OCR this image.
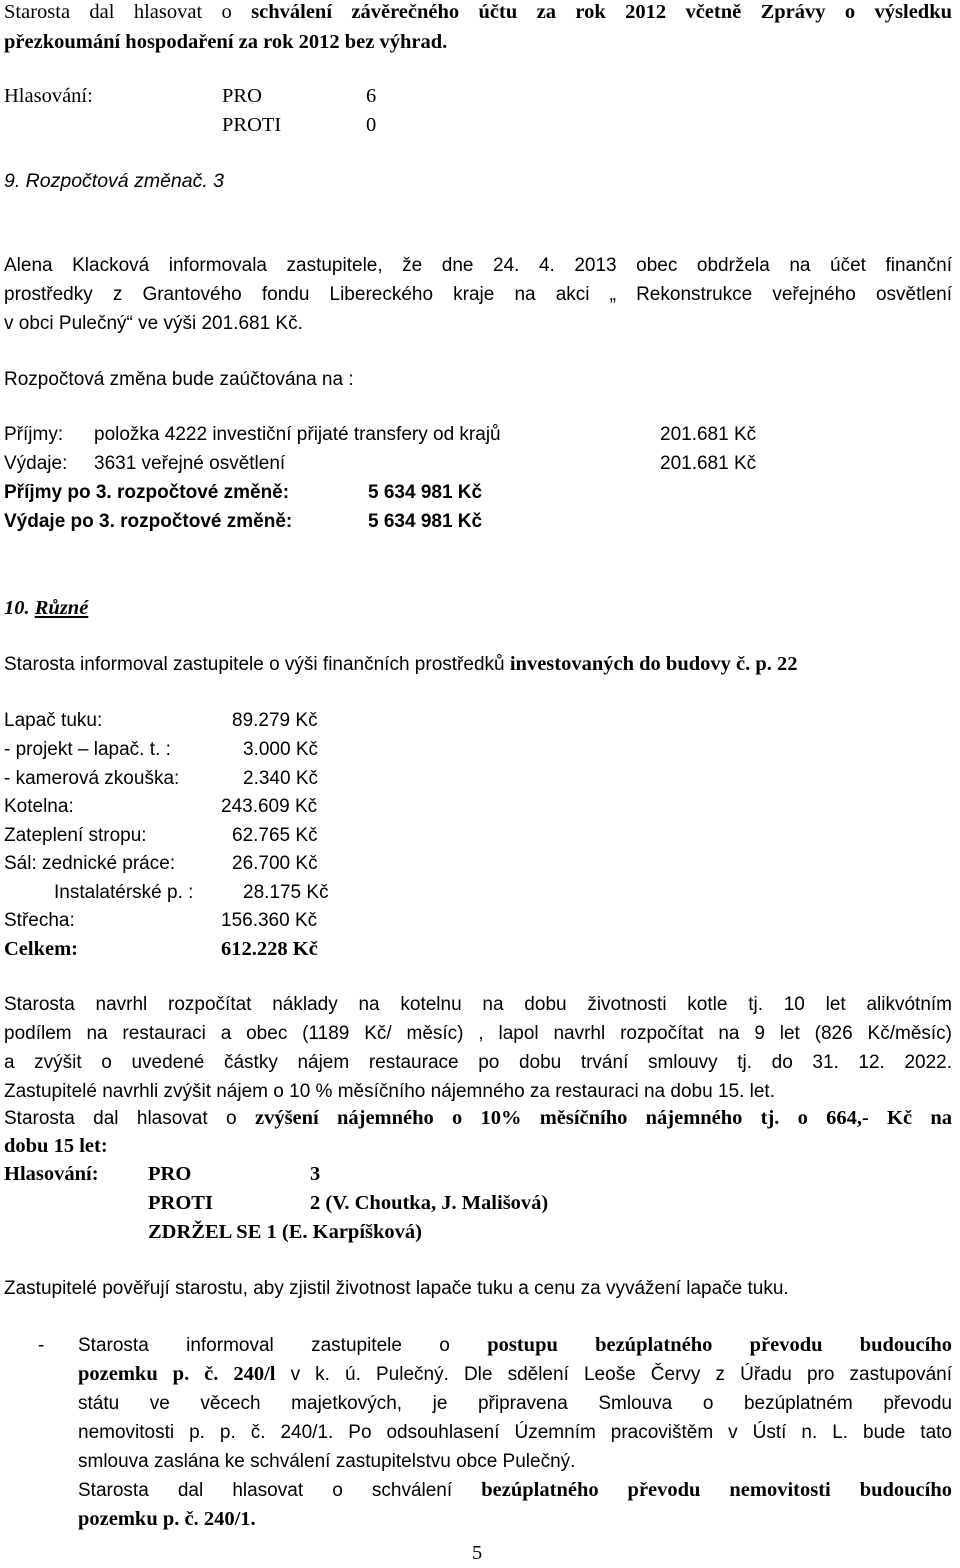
Starosta dal hlasovat o schválení závěrečného účtu za rok 2012 včetně Zprávy o výsledku
přezkoumání hospodaření za rok 2012 bez výhrad.
Hlasování:	PRO	6
PROTI	0
9. Rozpočtová změnač. 3
Alena Klacková informovala zastupitele, že dne 24. 4. 2013 obec obdržela na účet finanční
prostředky z Grantového fondu Libereckého kraje na akci „ Rekonstrukce veřejného osvětlení
v obci Pulečný“ ve výši 201.681 Kč.
Rozpočtová změna bude zaúčtována na :
Příjmy: položka 4222 investiční přijaté transfery od krajů	201.681 Kč
Výdaje: 3631 veřejné osvětlení	201.681 Kč
Příjmy po 3. rozpočtové změně:	5 634 981 Kč
Výdaje po 3. rozpočtové změně:	5 634 981 Kč
10. Různé
Starosta informoval zastupitele o výši finančních prostředků investovaných do budovy č. p. 22
Lapač tuku:	89.279 Kč
- projekt – lapač. t. :	3.000 Kč
- kamerová zkouška:	2.340 Kč
Kotelna:	243.609 Kč
Zateplení stropu:	62.765 Kč
Sál: zednické práce:	26.700 Kč
Instalatérské p. :	28.175 Kč
Střecha:	156.360 Kč
Celkem:	612.228 Kč
Starosta navrhl rozpočítat náklady na kotelnu na dobu životnosti kotle tj. 10 let alikvótním
podílem na restauraci a obec (1189 Kč/ měsíc) , lapol navrhl rozpočítat na 9 let (826 Kč/měsíc)
a zvýšit o uvedené částky nájem restaurace po dobu trvání smlouvy tj. do 31. 12. 2022.
Zastupitelé navrhli zvýšit nájem o 10 % měsíčního nájemného za restauraci na dobu 15. let.
Starosta dal hlasovat o zvýšení nájemného o 10% měsíčního nájemného tj. o 664,- Kč na
dobu 15 let:
Hlasování: PRO	3
PROTI	2 (V. Choutka, J. Mališová)
ZDRŽEL SE 1 (E. Karpíšková)
Zastupitelé pověřují starostu, aby zjistil životnost lapače tuku a cenu za vyvážení lapače tuku.
- Starosta informoval zastupitele o postupu bezúplatného převodu budoucího
pozemku p. č. 240/l v k. ú. Pulečný. Dle sdělení Leoše Červy z Úřadu pro zastupování
státu ve věcech majetkových, je připravena Smlouva o bezúplatném převodu
nemovitosti p. p. č. 240/1. Po odsouhlasení Územním pracovištěm v Ústí n. L. bude tato
smlouva zaslána ke schválení zastupitelstvu obce Pulečný.
Starosta dal hlasovat o schválení bezúplatného převodu nemovitosti budoucího
pozemku p. č. 240/1.
5
